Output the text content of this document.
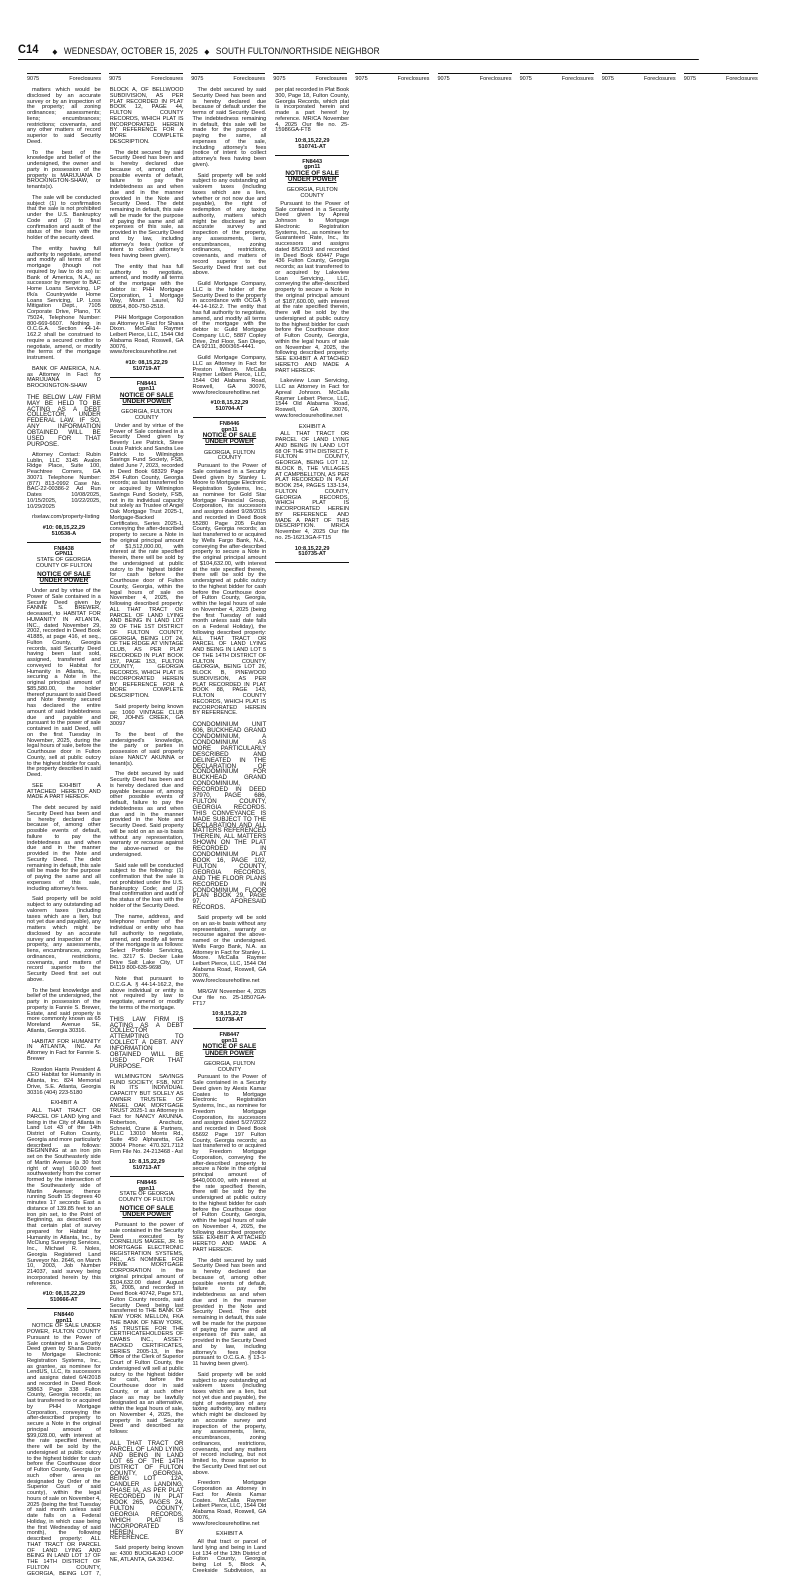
C14 ◆ WEDNESDAY, OCTOBER 15, 2025 ◆ SOUTH FULTON/NORTHSIDE NEIGHBOR
9075	Foreclosures 9075	Foreclosures 9075	Foreclosures 9075	Foreclosures 9075	Foreclosures 9075	Foreclosures 9075	Foreclosures 9075	Foreclosures 9075	Foreclosures

matters which would be disclosed by an accurate survey or by an inspection of the property; all zoning ordinances; assessments; liens; encumbrances; restrictions; covenants, and any other matters of record superior to said Security Deed.

To the best of the knowledge and belief of the undersigned, the owner and party in possession of the property is MARIJUANA D BROCKINGTON-SHAW, or tenants(s).

The sale will be conducted subject (1) to confirmation that the sale is not prohibited under the U.S. Bankruptcy Code and (2) to final confirmation and audit of the status of the loan with the holder of the security deed.

The entity having full authority to negotiate, amend and modify all terms of the mortgage (though not required by law to do so) is: Bank of America, N.A., as successor by merger to BAC Home Loans Servicing, LP f/k/a Countrywide Home Loans Servicing, LP. Loss Mitigation Dept., 7105 Corporate Drive, Plano, TX 75024, Telephone Number: 800-669-6607. Nothing in O.C.G.A. Section 44-14-162.2 shall be construed to require a secured creditor to negotiate, amend, or modify the terms of the mortgage instrument.

BANK OF AMERICA, N.A. as Attorney in Fact for MARIJUANA D BROCKINGTON-SHAW

THE BELOW LAW FIRM MAY BE HELD TO BE ACTING AS A DEBT COLLECTOR, UNDER FEDERAL LAW. IF SO, ANY INFORMATION OBTAINED WILL BE USED FOR THAT PURPOSE.

Attorney Contact: Rubin Lublin, LLC 3145 Avalon Ridge Place, Suite 100, Peachtree Corners, GA 30071 Telephone Number: (877) 813-0992 Case No. BAC-22-00386-2 Ad Run Dates 10/08/2025, 10/15/2025, 10/22/2025, 10/29/2025

rlselaw.com/property-listing

#10: 08,15,22,29

510538-A

FN8438

GPN11

STATE OF GEORGIA COUNTY OF FULTON

NOTICE OF SALE UNDER POWER

Under and by virtue of the Power of Sale contained in a Security Deed given by FANNIE S. BREWER, deceased, to HABITAT FOR HUMANITY IN ATLANTA, INC., dated November 29, 2002, recorded in Deed Book 41885, at page 416, et seq., Fulton County, Georgia records, said Security Deed having been last sold, assigned, transferred and conveyed to Habitat for Humanity in Atlanta, Inc., securing a Note in the original principal amount of $85,580.00, the holder thereof pursuant to said Deed and Note thereby secured has declared the entire amount of said indebtedness due and payable and pursuant to the power of sale contained in said Deed, will on the first Tuesday in November, 2025, during the legal hours of sale, before the Courthouse door in Fulton County, sell at public outcry to the highest bidder for cash, the property described in said Deed.

SEE EXHIBIT A ATTACHED HERETO AND MADE A PART HEREOF.

The debt secured by said Security Deed has been and is hereby declared due because of, among other possible events of default, failure to pay the indebtedness as and when due and in the manner provided in the Note and Security Deed. The debt remaining in default, this sale will be made for the purpose of paying the same and all expenses of this sale, including attorney's fees.

Said property will be sold subject to any outstanding ad valorem taxes (including taxes which are a lien, but not yet due and payable), any matters which might be disclosed by an accurate survey and inspection of the property, any assessments, liens, encumbrances, zoning ordinances, restrictions, covenants, and matters of record superior to the Security Deed first set out above.

To the best knowledge and belief of the undersigned, the party in possession of the property is Fannie S. Brewer, Estate, and said property is more commonly known as 65 Moreland Avenue SE, Atlanta, Georgia 30316.

HABITAT FOR HUMANITY IN ATLANTA, INC. As Attorney in Fact for Fannie S. Brewer

Rowdon Harris President & CEO Habitat for Humanity in Atlanta, Inc. 824 Memorial Drive, S.E. Atlanta, Georgia 30316 (404) 223-5180

EXHIBIT A

ALL THAT TRACT OR PARCEL OF LAND lying and being in the City of Atlanta in Land Lot 43 of the 14th District of Fulton County, Georgia and more particularly described as follows: BEGINNING at an iron pin set on the Southeasterly side of Martin Avenue (a 30 foot right of way) 160.00 feet southwesterly from the corner formed by the intersection of the Southeasterly side of Martin Avenue; thence running South 15 degrees 40 minutes 17 seconds East a distance of 139.85 feet to an iron pin set, to the Point of Beginning, as described on that certain plat of survey prepared for Habitat for Humanity in Atlanta, Inc., by McClung Surveying Services, Inc., Michael R. Noles, Georgia Registered Land Surveyor No. 2646, on March 10, 2003, Job Number 214037, said survey being incorporated herein by this reference.

#10: 08,15,22,29

510666-AT

FN8440

gpn11

NOTICE OF SALE UNDER POWER, FULTON COUNTY Pursuant to the Power of Sale contained in a Security Deed given by Shana Dixon to Mortgage Electronic Registration Systems, Inc., as grantee, as nominee for LendUS, LLC, its successors and assigns dated 6/4/2018 and recorded in Deed Book 58863 Page 338 Fulton County, Georgia records; as last transferred to or acquired by PHH Mortgage Corporation, conveying the after-described property to secure a Note in the original principal amount of $99,028.00, with interest at the rate specified therein, there will be sold by the undersigned at public outcry to the highest bidder for cash before the Courthouse door of Fulton County, Georgia (or such other area as designated by Order of the Superior Court of said county), within the legal hours of sale on November 4, 2025 (being the first Tuesday of said month unless said date falls on a Federal Holiday, in which case being the first Wednesday of said month), the following described property: ALL THAT TRACT OR PARCEL OF LAND LYING AND BEING IN LAND LOT 17 OF THE 14TH DISTRICT OF FULTON COUNTY, GEORGIA, BEING LOT 7, BLOCK A, OF BELLWOOD SUBDIVISION, AS PER PLAT RECORDED IN PLAT BOOK 12, PAGE 44, FULTON COUNTY RECORDS, WHICH PLAT IS INCORPORATED HEREIN BY REFERENCE FOR A MORE COMPLETE DESCRIPTION.

The debt secured by said Security Deed has been and is hereby declared due because of, among other possible events of default, failure to pay the indebtedness as and when due and in the manner provided in the Note and Security Deed. The debt remaining in default, this sale will be made for the purpose of paying the same and all expenses of this sale, as provided in the Security Deed and by law, including attorney's fees (notice of intent to collect attorney's fees having been given).

The entity that has full authority to negotiate, amend, and modify all terms of the mortgage with the debtor is: PHH Mortgage Corporation, 1 Mortgage Way, Mount Laurel, NJ 08054, 800-750-2518.

PHH Mortgage Corporation as Attorney in Fact for Shana Dixon. McCalla Raymer Leibert Pierce, LLC, 1544 Old Alabama Road, Roswell, GA 30076, www.foreclosurehotline.net

#10: 08,15,22,29

510719-AT

FN8441

gpn11

NOTICE OF SALE UNDER POWER

GEORGIA, FULTON COUNTY

Under and by virtue of the Power of Sale contained in a Security Deed given by Beverly Lee Patrick, Steve Louis Patrick and Sandra Lee Patrick to Wilmington Savings Fund Society, FSB, dated June 7, 2023, recorded in Deed Book 68329 Page 354 Fulton County, Georgia records; as last transferred to or acquired by Wilmington Savings Fund Society, FSB, not in its individual capacity but solely as Trustee of Angel Oak Mortgage Trust 2025-1, Mortgage-Backed Certificates, Series 2025-1, conveying the after-described property to secure a Note in the original principal amount of $1,512,000.00, with interest at the rate specified therein, there will be sold by the undersigned at public outcry to the highest bidder for cash before the Courthouse door of Fulton County, Georgia, within the legal hours of sale on November 4, 2025, the following described property: ALL THAT TRACT OR PARCEL OF LAND LYING AND BEING IN LAND LOT 39 OF THE 1ST DISTRICT OF FULTON COUNTY, GEORGIA, BEING LOT 24, OF THE RIDGE AT VINTAGE CLUB, AS PER PLAT RECORDED IN PLAT BOOK 157, PAGE 153, FULTON COUNTY, GEORGIA RECORDS, WHICH PLAT IS INCORPORATED HEREIN BY REFERENCE FOR A MORE COMPLETE DESCRIPTION.

Said property being known as: 1060 VINTAGE CLUB DR, JOHNS CREEK, GA 30097

To the best of the undersigned's knowledge, the party or parties in possession of said property is/are NANCY AKUNNA or tenant(s).

The debt secured by said Security Deed has been and is hereby declared due and payable because of, among other possible events of default, failure to pay the indebtedness as and when due and in the manner provided in the Note and Security Deed. Said property will be sold on an as-is basis without any representation, warranty or recourse against the above-named or the undersigned.

Said sale will be conducted subject to the following: (1) confirmation that the sale is not prohibited under the U.S. Bankruptcy Code; and (2) final confirmation and audit of the status of the loan with the holder of the Security Deed.

The name, address, and telephone number of the individual or entity who has full authority to negotiate, amend, and modify all terms of the mortgage is as follows: Select Portfolio Servicing, Inc. 3217 S. Decker Lake Drive Salt Lake City, UT 84119 800-635-9698

Note that pursuant to O.C.G.A. § 44-14-162.2, the above individual or entity is not required by law to negotiate, amend or modify the terms of the mortgage.

THIS LAW FIRM IS ACTING AS A DEBT COLLECTOR ATTEMPTING TO COLLECT A DEBT. ANY INFORMATION OBTAINED WILL BE USED FOR THAT PURPOSE.

WILMINGTON SAVINGS FUND SOCIETY, FSB, NOT IN ITS INDIVIDUAL CAPACITY BUT SOLELY AS OWNER TRUSTEE OF ANGEL OAK MORTGAGE TRUST 2025-1 as Attorney in Fact for NANCY AKUNNA. Robertson, Anschutz, Schneid, Crane & Partners, PLLC 13010 Morris Rd., Suite 450 Alpharetta, GA 30004 Phone: 470.321.7112 Firm File No. 24-213468 - AsI

10: 8,15,22,29

510713-AT

FN8445

gpn11

STATE OF GEORGIA COUNTY OF FULTON

NOTICE OF SALE UNDER POWER

Pursuant to the power of sale contained in the Security Deed executed by CORNELIUS MAGEE, JR. to MORTGAGE ELECTRONIC REGISTRATION SYSTEMS, INC., AS NOMINEE FOR PRIME MORTGAGE CORPORATION in the original principal amount of $104,632.00 dated August 26, 2005, and recorded in Deed Book 40742, Page 571, Fulton County records, said Security Deed being last transferred to THE BANK OF NEW YORK MELLON, FKA THE BANK OF NEW YORK, AS TRUSTEE FOR THE CERTIFICATEHOLDERS OF CWABS INC., ASSET-BACKED CERTIFICATES, SERIES 2005-13, in the Office of the Clerk of Superior Court of Fulton County, the undersigned will sell at public outcry to the highest bidder for cash, before the Courthouse door in said County, or at such other place as may be lawfully designated as an alternative, within the legal hours of sale, on November 4, 2025, the property in said Security Deed and described as follows:

ALL THAT TRACT OR PARCEL OF LAND LYING AND BEING IN LAND LOT 65 OF THE 14TH DISTRICT OF FULTON COUNTY, GEORGIA, BEING LOT 12A, CANDLER LANDING, PHASE IA, AS PER PLAT RECORDED IN PLAT BOOK 265, PAGES 24, FULTON COUNTY, GEORGIA RECORDS, WHICH PLAT IS INCORPORATED HEREIN BY REFERENCE.

Said property being known as: 4300 BUCKHEAD LOOP NE, ATLANTA, GA 30342.

The debt secured by said Security Deed has been and is hereby declared due because of default under the terms of said Security Deed. The indebtedness remaining in default, this sale will be made for the purpose of paying the same, all expenses of the sale, including attorney's fees (notice of intent to collect attorney's fees having been given).

Said property will be sold subject to any outstanding ad valorem taxes (including taxes which are a lien, whether or not now due and payable), the right of redemption of any taxing authority, matters which might be disclosed by an accurate survey and inspection of the property, any assessments, liens, encumbrances, zoning ordinances, restrictions, covenants, and matters of record superior to the Security Deed first set out above.

Guild Mortgage Company, LLC is the holder of the Security Deed to the property in accordance with OCGA § 44-14-162.2. The entity that has full authority to negotiate, amend, and modify all terms of the mortgage with the debtor is: Guild Mortgage Company LLC, 5887 Copley Drive, 2nd Floor, San Diego, CA 92111, 800/365-4441.

Guild Mortgage Company, LLC as Attorney in Fact for Preston Wilson. McCalla Raymer Leibert Pierce, LLC, 1544 Old Alabama Road, Roswell, GA 30076, www.foreclosurehotline.net

#10:8,15,22,29

510704-AT

FN8446

gpn11

NOTICE OF SALE UNDER POWER

GEORGIA, FULTON COUNTY

Pursuant to the Power of Sale contained in a Security Deed given by Stanley L. Moore to Mortgage Electronic Registration Systems, Inc., as nominee for Gold Star Mortgage Financial Group, Corporation, its successors and assigns dated 9/28/2015 and recorded in Deed Book 55280 Page 205 Fulton County, Georgia records; as last transferred to or acquired by Wells Fargo Bank, N.A., conveying the after-described property to secure a Note in the original principal amount of $104,632.00, with interest at the rate specified therein, there will be sold by the undersigned at public outcry to the highest bidder for cash before the Courthouse door of Fulton County, Georgia, within the legal hours of sale on November 4, 2025 (being the first Tuesday of said month unless said date falls on a Federal Holiday), the following described property: ALL THAT TRACT OR PARCEL OF LAND LYING AND BEING IN LAND LOT 5 OF THE 14TH DISTRICT OF FULTON COUNTY, GEORGIA, BEING LOT 26, BLOCK B, PINEWOOD SUBDIVISION, AS PER PLAT RECORDED IN PLAT BOOK 88, PAGE 143, FULTON COUNTY RECORDS, WHICH PLAT IS INCORPORATED HEREIN BY REFERENCE.

CONDOMINIUM UNIT 606, BUCKHEAD GRAND CONDOMINIUM, A CONDOMINIUM AS MORE PARTICULARLY DESCRIBED AND DELINEATED IN THE DECLARATION OF CONDOMINIUM FOR BUCKHEAD GRAND CONDOMINIUM, RECORDED IN DEED 37970, PAGE 686, FULTON COUNTY, GEORGIA RECORDS. THIS CONVEYANCE IS MADE SUBJECT TO THE DECLARATION AND ALL MATTERS REFERENCED THEREIN, ALL MATTERS SHOWN ON THE PLAT RECORDED IN CONDOMINIUM PLAT BOOK 16, PAGE 102, FULTON COUNTY, GEORGIA RECORDS, AND THE FLOOR PLANS RECORDED IN CONDOMINIUM FLOOR PLAN BOOK 29, PAGE 97, AFORESAID RECORDS.

Said property will be sold on an as-is basis without any representation, warranty or recourse against the above-named or the undersigned. Wells Fargo Bank, N.A. as Attorney in Fact for Stanley L. Moore. McCalla Raymer Leibert Pierce, LLC, 1544 Old Alabama Road, Roswell, GA 30076, www.foreclosurehotline.net

MR/GW November 4, 2025 Our file no. 25-18507GA-FT17

10:8,15,22,29

510738-AT

FN8447

gpn11

NOTICE OF SALE UNDER POWER

GEORGIA, FULTON COUNTY

Pursuant to the Power of Sale contained in a Security Deed given by Alexis Kamar Coates to Mortgage Electronic Registration Systems, Inc., as nominee for Freedom Mortgage Corporation, its successors and assigns dated 5/27/2022 and recorded in Deed Book 65692 Page 197 Fulton County, Georgia records; as last transferred to or acquired by Freedom Mortgage Corporation, conveying the after-described property to secure a Note in the original principal amount of $440,000.00, with interest at the rate specified therein, there will be sold by the undersigned at public outcry to the highest bidder for cash before the Courthouse door of Fulton County, Georgia, within the legal hours of sale on November 4, 2025, the following described property: SEE EXHIBIT A ATTACHED HERETO AND MADE A PART HEREOF.

The debt secured by said Security Deed has been and is hereby declared due because of, among other possible events of default, failure to pay the indebtedness as and when due and in the manner provided in the Note and Security Deed. The debt remaining in default, this sale will be made for the purpose of paying the same and all expenses of this sale, as provided in the Security Deed and by law, including attorney's fees (notice pursuant to O.C.G.A. § 13-1-11 having been given).

Said property will be sold subject to any outstanding ad valorem taxes (including taxes which are a lien, but not yet due and payable), the right of redemption of any taxing authority, any matters which might be disclosed by an accurate survey and inspection of the property, any assessments, liens, encumbrances, zoning ordinances, restrictions, covenants, and any matters of record including, but not limited to, those superior to the Security Deed first set out above.

Freedom Mortgage Corporation as Attorney in Fact for Alexis Kamar Coates. McCalla Raymer Leibert Pierce, LLC, 1544 Old Alabama Road, Roswell, GA 30076, www.foreclosurehotline.net

EXHIBIT A

All that tract or parcel of land lying and being in Land Lot 134 of the 13th District of Fulton County, Georgia, being Lot 5, Block A, Creekside Subdivision, as per plat recorded in Plat Book 300, Page 18, Fulton County, Georgia Records, which plat is incorporated herein and made a part hereof by reference. MR/CA November 4, 2025 Our file no. 25-15986GA-FT8

10:8,15,22,29

510741-AT

FN8443

gpn11

NOTICE OF SALE UNDER POWER

GEORGIA, FULTON COUNTY

Pursuant to the Power of Sale contained in a Security Deed given by Apreal Johnson to Mortgage Electronic Registration Systems, Inc., as nominee for Guaranteed Rate, Inc., its successors and assigns dated 8/5/2019 and recorded in Deed Book 60447 Page 436 Fulton County, Georgia records; as last transferred to or acquired by Lakeview Loan Servicing, LLC, conveying the after-described property to secure a Note in the original principal amount of $187,600.00, with interest at the rate specified therein, there will be sold by the undersigned at public outcry to the highest bidder for cash before the Courthouse door of Fulton County, Georgia, within the legal hours of sale on November 4, 2025, the following described property: SEE EXHIBIT A ATTACHED HERETO AND MADE A PART HEREOF.

Lakeview Loan Servicing, LLC as Attorney in Fact for Apreal Johnson. McCalla Raymer Leibert Pierce, LLC, 1544 Old Alabama Road, Roswell, GA 30076, www.foreclosurehotline.net

EXHIBIT A

ALL THAT TRACT OR PARCEL OF LAND LYING AND BEING IN LAND LOT 68 OF THE 9TH DISTRICT F, FULTON COUNTY, GEORGIA, BEING LOT 12, BLOCK B, THE VILLAGES AT CAMPBELLTON, AS PER PLAT RECORDED IN PLAT BOOK 254, PAGES 133-134, FULTON COUNTY, GEORGIA RECORDS, WHICH PLAT IS INCORPORATED HEREIN BY REFERENCE AND MADE A PART OF THIS DESCRIPTION. MR/CA November 4, 2025 Our file no. 25-16213GA-FT15

10:8,15,22,29

510735-AT
